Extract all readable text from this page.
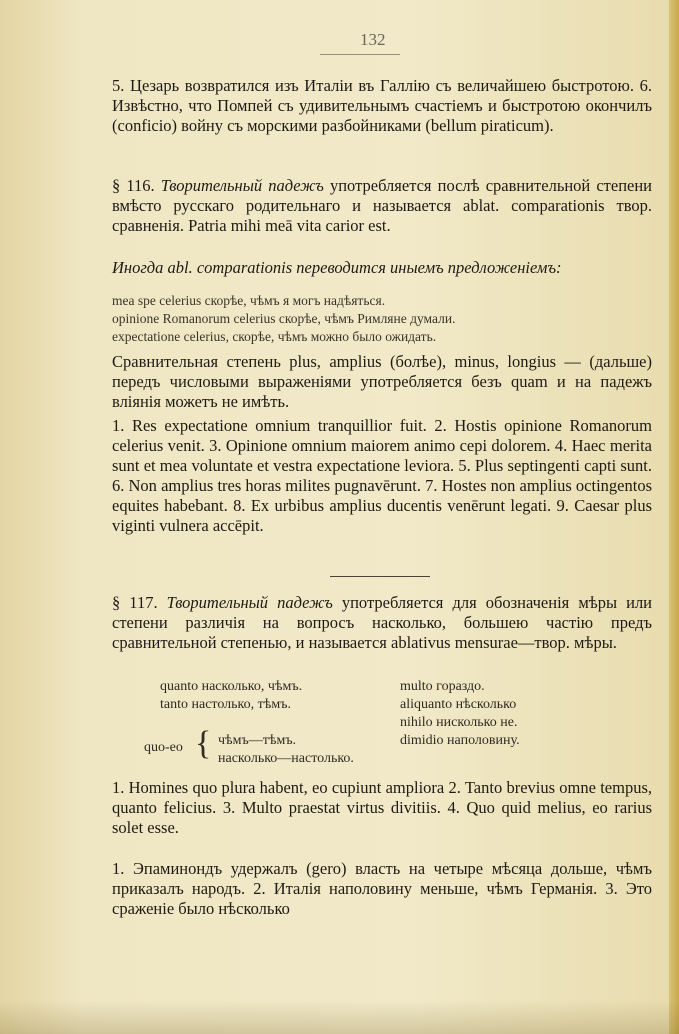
132
5. Цезарь возвратился изъ Италіи въ Галлію съ величайшею быстротою. 6. Извѣстно, что Помпей съ удивительнымъ счастіемъ и быстротою окончилъ (conficio) войну съ морскими разбойниками (bellum piraticum).
§ 116. Творительный падежъ употребляется послѣ сравнительной степени вмѣсто русскаго родительнаго и называется ablat. comparationis твор. сравненія. Patria mihi meā vita carior est.
Иногда abl. comparationis переводится иныемъ предложеніемъ:
mea spe celerius скорѣе, чѣмъ я могъ надѣяться.
opinione Romanorum celerius скорѣе, чѣмъ Римляне думали.
expectatione celerius, скорѣе, чѣмъ можно было ожидать.
Сравнительная степень plus, amplius (болѣе), minus, longius — (дальше) передъ числовыми выраженіями употребляется безъ quam и на падежъ вліянія можетъ не имѣть.
1. Res expectatione omnium tranquillior fuit. 2. Hostis opinione Romanorum celerius venit. 3. Opinione omnium maiorem animo cepi dolorem. 4. Haec merita sunt et mea voluntate et vestra expectatione leviora. 5. Plus septingenti capti sunt. 6. Non amplius tres horas milites pugnavērunt. 7. Hostes non amplius octingentos equites habebant. 8. Ex urbibus amplius ducentis venērunt legati. 9. Caesar plus viginti vulnera accēpit.
§ 117. Творительный падежъ употребляется для обозначенія мѣры или степени различія на вопросъ насколько, большею частію предъ сравнительной степенью, и называется ablativus mensurae—твор. мѣры.
quanto насколько, чѣмъ.
tanto настолько, тѣмъ.
multo гораздо.
aliquanto нѣсколько
nihilo нисколько не.
dimidio наполовину.
quo-eo { чѣмъ—тѣмъ.
насколько—настолько.
1. Homines quo plura habent, eo cupiunt ampliora 2. Tanto brevius omne tempus, quanto felicius. 3. Multo praestat virtus divitiis. 4. Quo quid melius, eo rarius solet esse.
1. Эпаминондъ удержалъ (gero) власть на четыре мѣсяца дольше, чѣмъ приказалъ народъ. 2. Италія наполовину меньше, чѣмъ Германія. 3. Это сраженіе было нѣсколько
